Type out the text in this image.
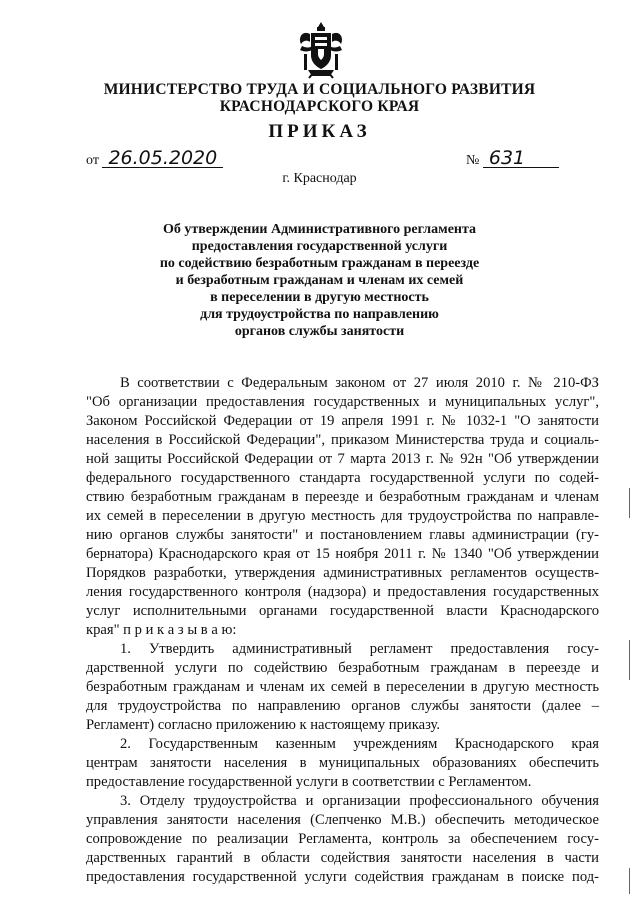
МИНИСТЕРСТВО ТРУДА И СОЦИАЛЬНОГО РАЗВИТИЯ
КРАСНОДАРСКОГО КРАЯ
ПРИКАЗ
от 26.05.2020	№ 631
г. Краснодар
Об утверждении Административного регламента
предоставления государственной услуги
по содействию безработным гражданам в переезде
и безработным гражданам и членам их семей
в переселении в другую местность
для трудоустройства по направлению
органов службы занятости
В соответствии с Федеральным законом от 27 июля 2010 г. № 210-ФЗ
"Об организации предоставления государственных и муниципальных услуг",
Законом Российской Федерации от 19 апреля 1991 г. № 1032-1 "О занятости
населения в Российской Федерации", приказом Министерства труда и социаль-
ной защиты Российской Федерации от 7 марта 2013 г. № 92н "Об утверждении
федерального государственного стандарта государственной услуги по содей-
ствию безработным гражданам в переезде и безработным гражданам и членам
их семей в переселении в другую местность для трудоустройства по направле-
нию органов службы занятости" и постановлением главы администрации (гу-
бернатора) Краснодарского края от 15 ноября 2011 г. № 1340 "Об утверждении
Порядков разработки, утверждения административных регламентов осуществ-
ления государственного контроля (надзора) и предоставления государственных
услуг исполнительными органами государственной власти Краснодарского
края" п р и к а з ы в а ю:
1. Утвердить административный регламент предоставления госу-
дарственной услуги по содействию безработным гражданам в переезде и
безработным гражданам и членам их семей в переселении в другую местность
для трудоустройства по направлению органов службы занятости (далее –
Регламент) согласно приложению к настоящему приказу.
2. Государственным казенным учреждениям Краснодарского края
центрам занятости населения в муниципальных образованиях обеспечить
предоставление государственной услуги в соответствии с Регламентом.
3. Отделу трудоустройства и организации профессионального обучения
управления занятости населения (Слепченко М.В.) обеспечить методическое
сопровождение по реализации Регламента, контроль за обеспечением госу-
дарственных гарантий в области содействия занятости населения в части
предоставления государственной услуги содействия гражданам в поиске под-
